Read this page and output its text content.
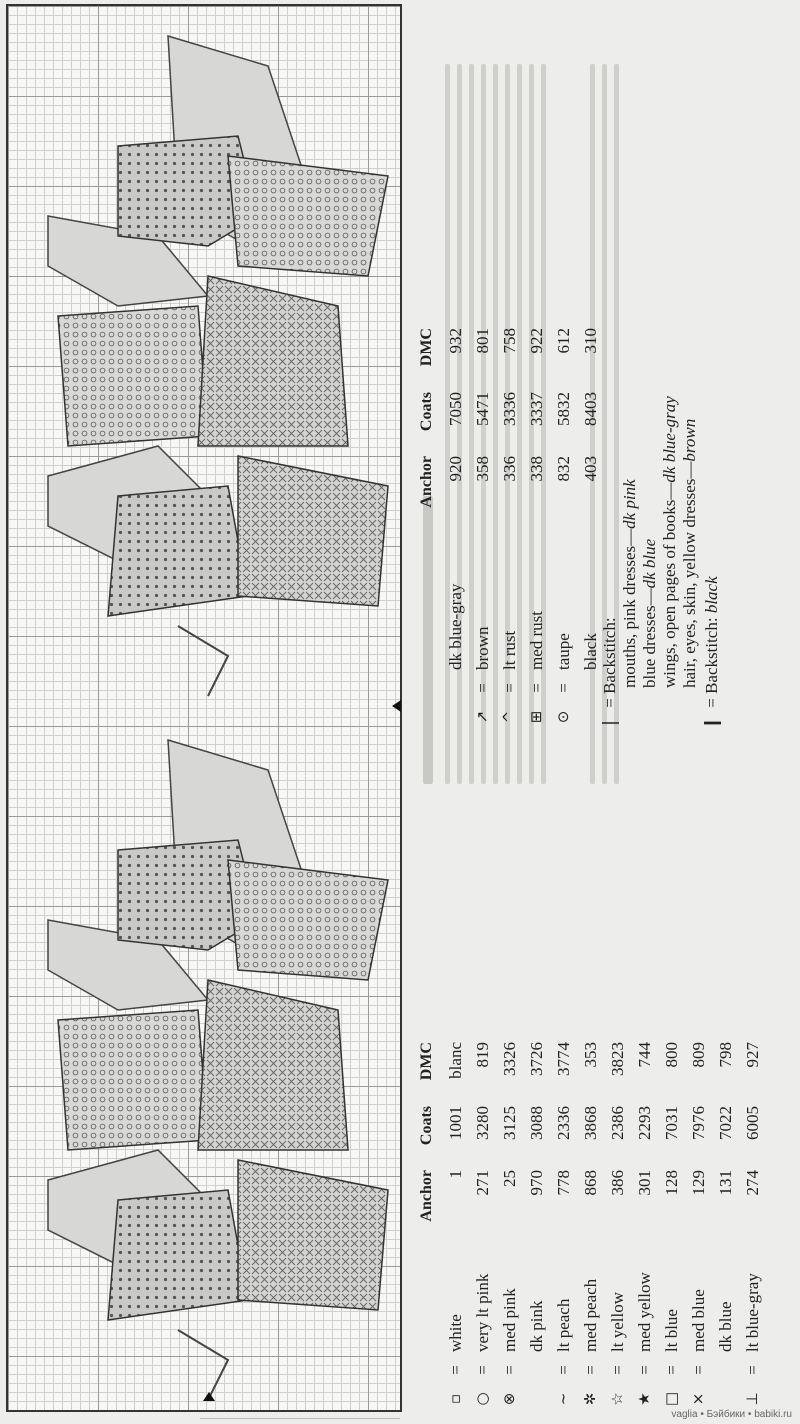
			Anchor	Coats	DMC
▫	=	white	1	1001	blanc
○	=	very lt pink	271	3280	819
⊗	=	med pink	25	3125	3326
		dk pink	970	3088	3726
~	=	lt peach	778	2336	3774
✲	=	med peach	868	3868	353
☆	=	lt yellow	386	2386	3823
★	=	med yellow	301	2293	744
□	=	lt blue	128	7031	800
×	=	med blue	129	7976	809
		dk blue	131	7022	798
⊥	=	lt blue-gray	274	6005	927
			Anchor	Coats	DMC
		dk blue-gray	920	7050	932
↗	=	brown	358	5471	801
^	=	lt rust	336	3336	758
⊞	=	med rust	338	3337	922
⊙	=	taupe	832	5832	612
		black	403	8403	310
| = Backstitch: mouths, pink dresses—dk pink
blue dresses—dk blue wings, open pages of books—dk blue-gray
hair, eyes, skin, yellow dresses—brown
❙ = Backstitch: black
vaglia • Бэйбики • babiki.ru
